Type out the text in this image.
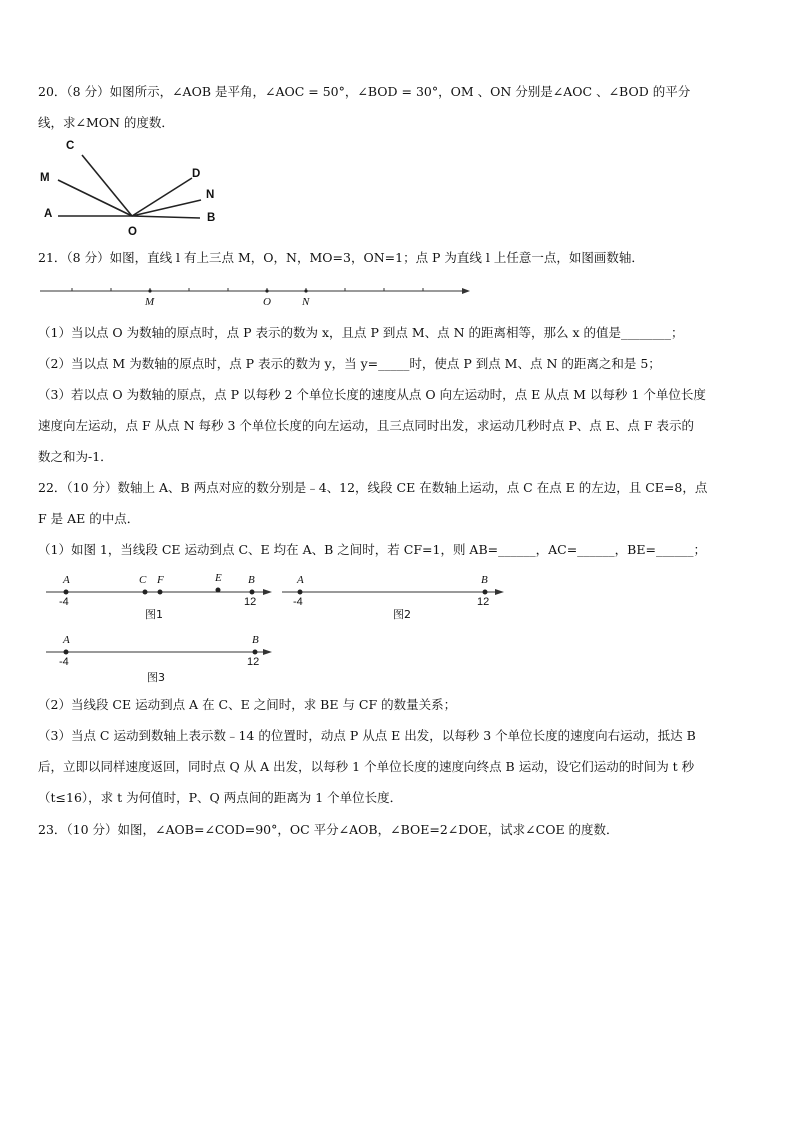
20．（8 分）如图所示，∠AOB 是平角，∠AOC = 50°，∠BOD = 30°，OM 、ON 分别是∠AOC 、∠BOD 的平分
线，求∠MON 的度数．
C
M	D
N
A	B
O
21．（8 分）如图，直线 l 有上三点 M，O，N，MO=3，ON=1；点 P 为直线 l 上任意一点，如图画数轴．
M	O	N
（1）当以点 O 为数轴的原点时，点 P 表示的数为 x，且点 P 到点 M、点 N 的距离相等，那么 x 的值是________；
（2）当以点 M 为数轴的原点时，点 P 表示的数为 y，当 y=_____时，使点 P 到点 M、点 N 的距离之和是 5；
（3）若以点 O 为数轴的原点，点 P 以每秒 2 个单位长度的速度从点 O 向左运动时，点 E 从点 M 以每秒 1 个单位长度
速度向左运动，点 F 从点 N 每秒 3 个单位长度的向左运动，且三点同时出发，求运动几秒时点 P、点 E、点 F 表示的
数之和为-1．
22．（10 分）数轴上 A、B 两点对应的数分别是﹣4、12，线段 CE 在数轴上运动，点 C 在点 E 的左边，且 CE=8，点
F 是 AE 的中点．
（1）如图 1，当线段 CE 运动到点 C、E 均在 A、B 之间时，若 CF=1，则 AB=______，AC=______，BE=______；
A	C F	E B
-4	12
图1
A	B
-4	12
图2
A	B
-4	12
图3
（2）当线段 CE 运动到点 A 在 C、E 之间时，求 BE 与 CF 的数量关系；
（3）当点 C 运动到数轴上表示数﹣14 的位置时，动点 P 从点 E 出发，以每秒 3 个单位长度的速度向右运动，抵达 B
后，立即以同样速度返回，同时点 Q 从 A 出发，以每秒 1 个单位长度的速度向终点 B 运动，设它们运动的时间为 t 秒
（t≤16），求 t 为何值时，P、Q 两点间的距离为 1 个单位长度．
23．（10 分）如图，∠AOB=∠COD=90°，OC 平分∠AOB，∠BOE=2∠DOE，试求∠COE 的度数．
